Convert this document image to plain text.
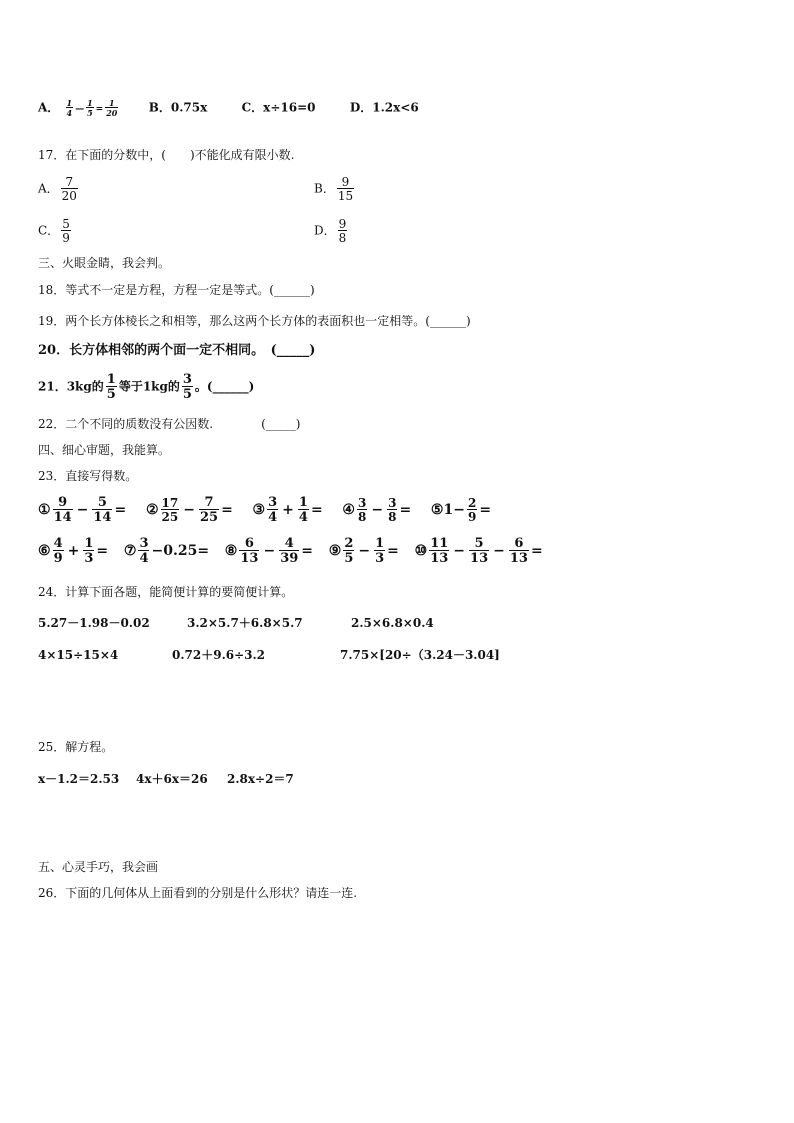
A． $\frac{1}{4}$ — $\frac{1}{5} = \frac{1}{20}$	B．0.75x	C．x÷16=0	D．1.2x<6
17．在下面的分数中，(　　)不能化成有限小数.
A． $\frac{7}{20}$	B． $\frac{9}{15}$
C． $\frac{5}{9}$	D． $\frac{9}{8}$
三、火眼金睛，我会判。
18．等式不一定是方程，方程一定是等式。(______)
19．两个长方体棱长之和相等，那么这两个长方体的表面积也一定相等。(______)
20．长方体相邻的两个面一定不相同。　(_____)
21．3kg的 $\frac{1}{5}$ 等于1kg的 $\frac{3}{5}$ 。(______)
22．二个不同的质数没有公因数.　　　　(_____)
四、细心审题，我能算。
23．直接写得数。
① $\frac{9}{14} - \frac{5}{14}$ = ② $\frac{17}{25} - \frac{7}{25}$ = ③ $\frac{3}{4} + \frac{1}{4}$ = ④ $\frac{3}{8} - \frac{3}{8}$ = ⑤1− $\frac{2}{9}$ =
⑥ $\frac{4}{9} + \frac{1}{3}$ = ⑦ $\frac{3}{4} -0.25=$ ⑧ $\frac{6}{13} - \frac{4}{39}$ = ⑨ $\frac{2}{5} - \frac{1}{3}$ = ⑩ $\frac{11}{13} - \frac{5}{13} - \frac{6}{13}$ =
24．计算下面各题，能简便计算的要简便计算。
5.27－1.98－0.02	3.2×5.7＋6.8×5.7	2.5×6.8×0.4
4×15÷15×4	0.72＋9.6÷3.2	7.75×[20÷（3.24－3.04]
25．解方程。
x－1.2＝2.53 4x＋6x＝26 2.8x÷2＝7
五、心灵手巧，我会画
26．下面的几何体从上面看到的分别是什么形状？请连一连.
